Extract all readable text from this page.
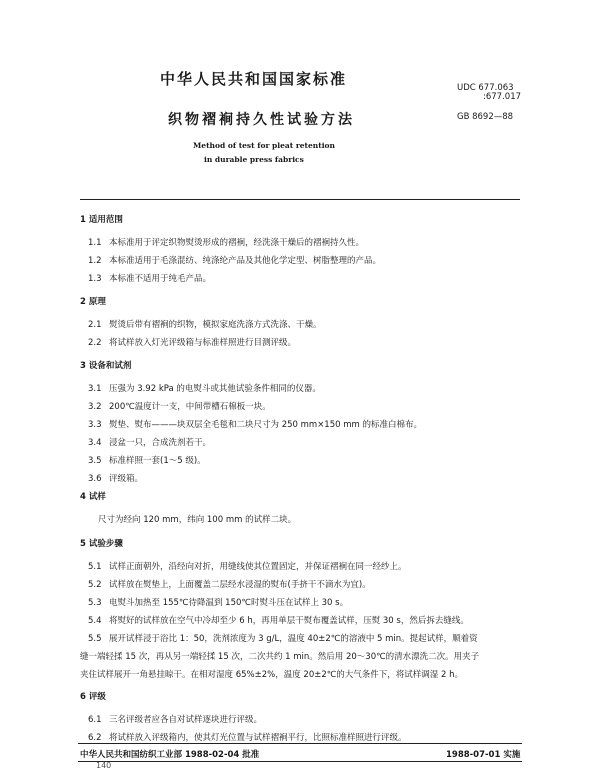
中华人民共和国国家标准	UDC 677.063
:677.017
织物褶裥持久性试验方法	GB 8692—88
Method of test for pleat retention
in durable press fabrics
1 适用范围
1.1 本标准用于评定织物熨烫形成的褶裥，经洗涤干燥后的褶裥持久性。
1.2 本标准适用于毛涤混纺、纯涤纶产品及其他化学定型、树脂整理的产品。
1.3 本标准不适用于纯毛产品。
2 原理
2.1 熨烫后带有褶裥的织物，模拟家庭洗涤方式洗涤、干燥。
2.2 将试样放入灯光评级箱与标准样照进行目测评级。
3 设备和试剂
3.1 压强为 3.92 kPa 的电熨斗或其他试验条件相同的仪器。
3.2 200℃温度计一支，中间带槽石棉板一块。
3.3 熨垫、熨布———块双层全毛毯和二块尺寸为 250 mm×150 mm 的标准白棉布。
3.4 浸盆一只，合成洗剂若干。
3.5 标准样照一套(1～5 级)。
3.6 评级箱。
4 试样
尺寸为经向 120 mm，纬向 100 mm 的试样二块。
5 试验步骤
5.1 试样正面朝外，沿经向对折，用缝线使其位置固定，并保证褶裥在同一经纱上。
5.2 试样放在熨垫上，上面覆盖二层经水浸湿的熨布(手挤干不滴水为宜)。
5.3 电熨斗加热至 155℃待降温到 150℃时熨斗压在试样上 30 s。
5.4 将熨好的试样放在空气中冷却至少 6 h，再用单层干熨布覆盖试样，压熨 30 s，然后拆去缝线。
5.5 展开试样浸于浴比 1：50，洗剂浓度为 3 g/L，温度 40±2℃的溶液中 5 min。提起试样，顺着资
缝一端轻揉 15 次，再从另一端轻揉 15 次，二次共约 1 min。然后用 20～30℃的清水漂洗二次。用夹子
夹住试样展开一角悬挂晾干。在相对湿度 65%±2%，温度 20±2℃的大气条件下，将试样调湿 2 h。
6 评级
6.1 三名评级者应各自对试样逐块进行评级。
6.2 将试样放入评级箱内，使其灯光位置与试样褶裥平行，比照标准样照进行评级。
中华人民共和国纺织工业部 1988-02-04 批准	1988-07-01 实施
140
